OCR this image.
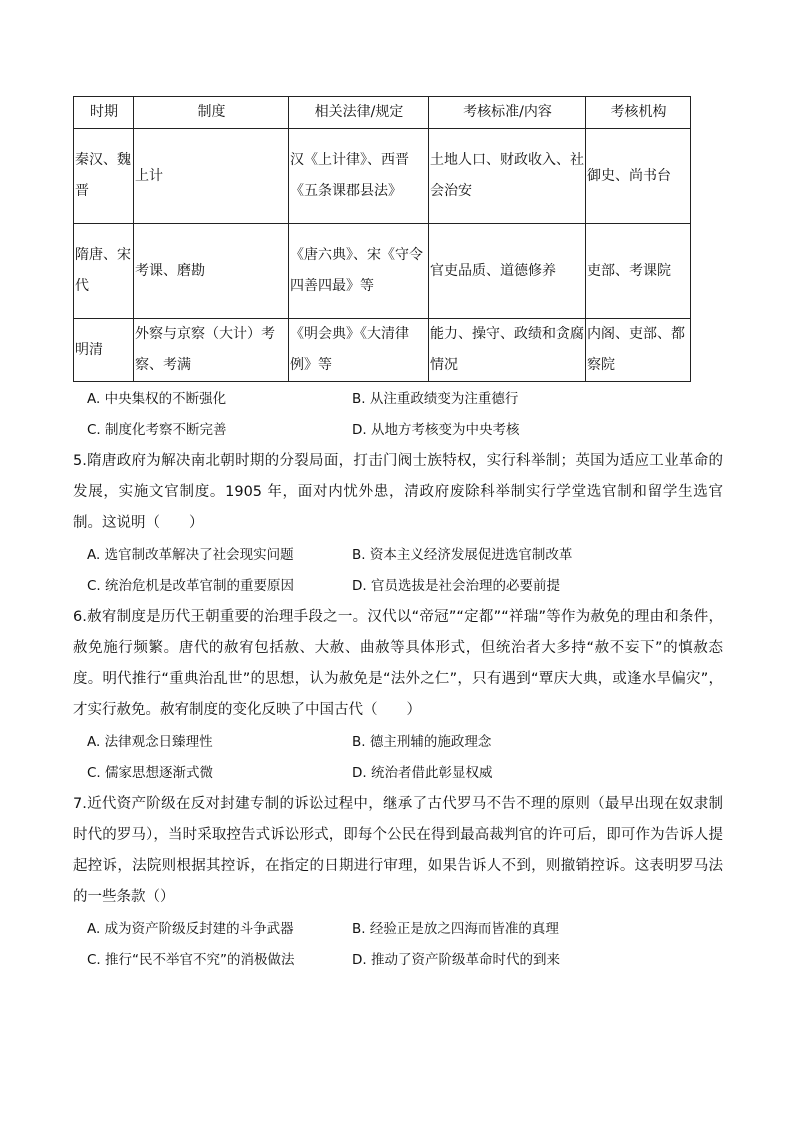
时期	制度	相关法律/规定	考核标准/内容	考核机构
秦汉、魏晋	上计	汉《上计律》、西晋《五条课郡县法》	土地人口、财政收入、社会治安	御史、尚书台
隋唐、宋代	考课、磨勘	《唐六典》、宋《守令四善四最》等	官吏品质、道德修养	吏部、考课院
明清	外察与京察（大计）考察、考满	《明会典》《大清律例》等	能力、操守、政绩和贪腐情况	内阁、吏部、都察院
A. 中央集权的不断强化	B. 从注重政绩变为注重德行
C. 制度化考察不断完善	D. 从地方考核变为中央考核
5.隋唐政府为解决南北朝时期的分裂局面，打击门阀士族特权，实行科举制；英国为适应工业革命的发展，实施文官制度。1905 年，面对内忧外患，清政府废除科举制实行学堂选官制和留学生选官制。这说明（　　）
A. 选官制改革解决了社会现实问题	B. 资本主义经济发展促进选官制改革
C. 统治危机是改革官制的重要原因	D. 官员选拔是社会治理的必要前提
6.赦宥制度是历代王朝重要的治理手段之一。汉代以“帝冠”“定都”“祥瑞”等作为赦免的理由和条件，赦免施行频繁。唐代的赦宥包括赦、大赦、曲赦等具体形式，但统治者大多持“赦不妄下”的慎赦态度。明代推行“重典治乱世”的思想，认为赦免是“法外之仁”，只有遇到“覃庆大典，或逢水旱偏灾”，才实行赦免。赦宥制度的变化反映了中国古代（　　）
A. 法律观念日臻理性	B. 德主刑辅的施政理念
C. 儒家思想逐渐式微	D. 统治者借此彰显权威
7.近代资产阶级在反对封建专制的诉讼过程中，继承了古代罗马不告不理的原则（最早出现在奴隶制时代的罗马），当时采取控告式诉讼形式，即每个公民在得到最高裁判官的许可后，即可作为告诉人提起控诉，法院则根据其控诉，在指定的日期进行审理，如果告诉人不到，则撤销控诉。这表明罗马法的一些条款（）
A. 成为资产阶级反封建的斗争武器	B. 经验正是放之四海而皆准的真理
C. 推行“民不举官不究”的消极做法	D. 推动了资产阶级革命时代的到来
